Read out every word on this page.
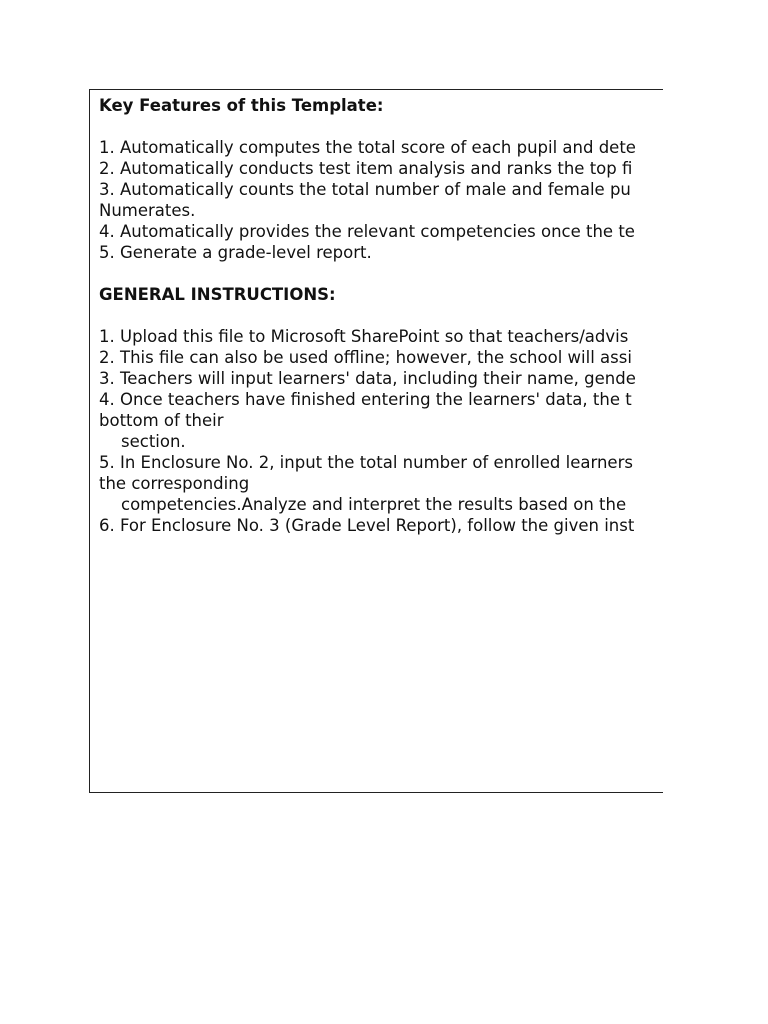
Key Features of this Template:
1. Automatically computes the total score of each pupil and dete
2. Automatically conducts test item analysis and ranks the top fi
3. Automatically counts the total number of male and female pu
Numerates.
4. Automatically provides the relevant competencies once the te
5. Generate a grade-level report.
GENERAL INSTRUCTIONS:
1. Upload this file to Microsoft SharePoint so that teachers/advis
2. This file can also be used offline; however, the school will assi
3. Teachers will input learners' data, including their name, gende
4. Once teachers have finished entering the learners' data, the t
bottom of their
section.
5. In Enclosure No. 2, input the total number of enrolled learners
the corresponding
competencies.Analyze and interpret the results based on the
6. For Enclosure No. 3 (Grade Level Report), follow the given inst
